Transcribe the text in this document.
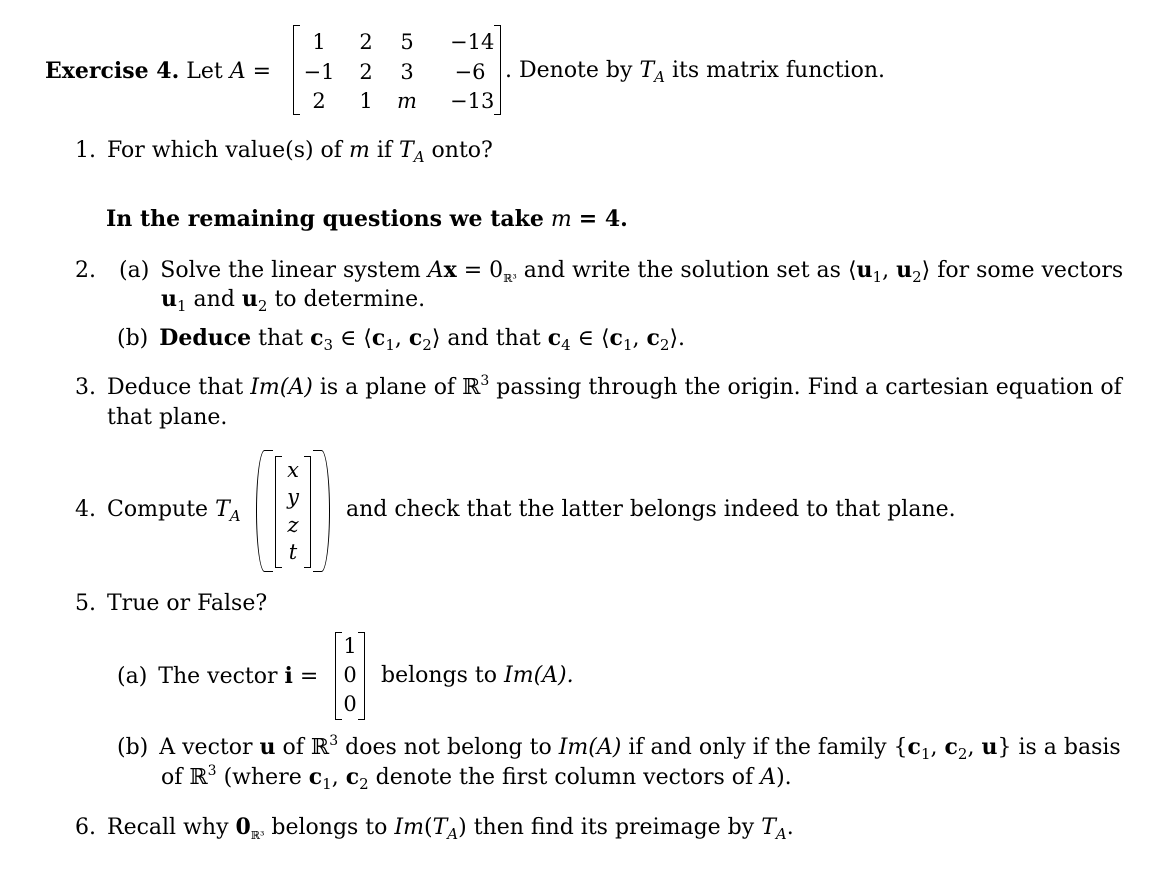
Exercise 4. Let A =
1	2	5	−14
−1	2	3	−6
2	1	m	−13
. Denote by $T_A$ its matrix function.
1. For which value(s) of m if $T_A$ onto?
In the remaining questions we take m = 4.
2. (a) Solve the linear system $Ax = 0_{ℝ^3}$ and write the solution set as $⟨u_1$, $u_2⟩$ for some vectors
$u_1$ and $u_2$ to determine.
(b) Deduce that $c_3$ ∈ $⟨c_1$, $c_2⟩$ and that $c_4$ ∈ $⟨c_1$, $c_2⟩$.
3. Deduce that Im(A) is a plane of ℝ$^3$ passing through the origin. Find a cartesian equation of
that plane.
4. Compute $T_A$
x
y
z
t
and check that the latter belongs indeed to that plane.
5. True or False?
(a) The vector i =
1
0
0
belongs to Im(A).
(b) A vector u of ℝ$^3$ does not belong to Im(A) if and only if the family {$c_1$, $c_2$, u} is a basis
of ℝ$^3$ (where $c_1$, $c_2$ denote the first column vectors of A).
6. Recall why $0_{ℝ^3}$ belongs to $Im(T_A)$ then find its preimage by $T_A$.
